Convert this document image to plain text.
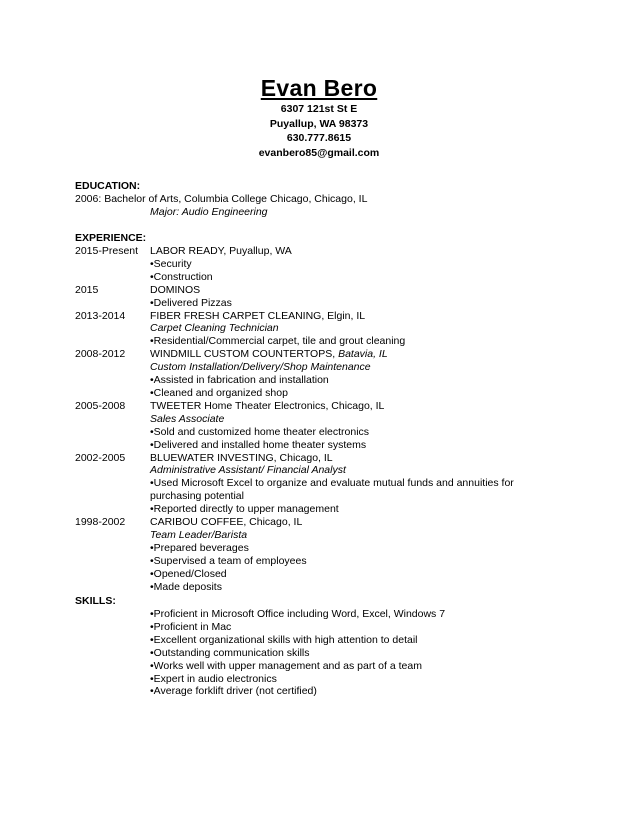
Evan Bero
6307 121st St E
Puyallup, WA 98373
630.777.8615
evanbero85@gmail.com
EDUCATION:
2006: Bachelor of Arts, Columbia College Chicago, Chicago, IL
Major: Audio Engineering
EXPERIENCE:
2015-Present	LABOR READY, Puyallup, WA
•Security
•Construction
2015	DOMINOS
•Delivered Pizzas
2013-2014	FIBER FRESH CARPET CLEANING, Elgin, IL
Carpet Cleaning Technician
•Residential/Commercial carpet, tile and grout cleaning
2008-2012	WINDMILL CUSTOM COUNTERTOPS, Batavia, IL
Custom Installation/Delivery/Shop Maintenance
•Assisted in fabrication and installation
•Cleaned and organized shop
2005-2008	TWEETER Home Theater Electronics, Chicago, IL
Sales Associate
•Sold and customized home theater electronics
•Delivered and installed home theater systems
2002-2005	BLUEWATER INVESTING, Chicago, IL
Administrative Assistant/ Financial Analyst
•Used Microsoft Excel to organize and evaluate mutual funds and annuities for
purchasing potential
•Reported directly to upper management
1998-2002	CARIBOU COFFEE, Chicago, IL
Team Leader/Barista
•Prepared beverages
•Supervised a team of employees
•Opened/Closed
•Made deposits
SKILLS:
•Proficient in Microsoft Office including Word, Excel, Windows 7
•Proficient in Mac
•Excellent organizational skills with high attention to detail
•Outstanding communication skills
•Works well with upper management and as part of a team
•Expert in audio electronics
•Average forklift driver (not certified)
